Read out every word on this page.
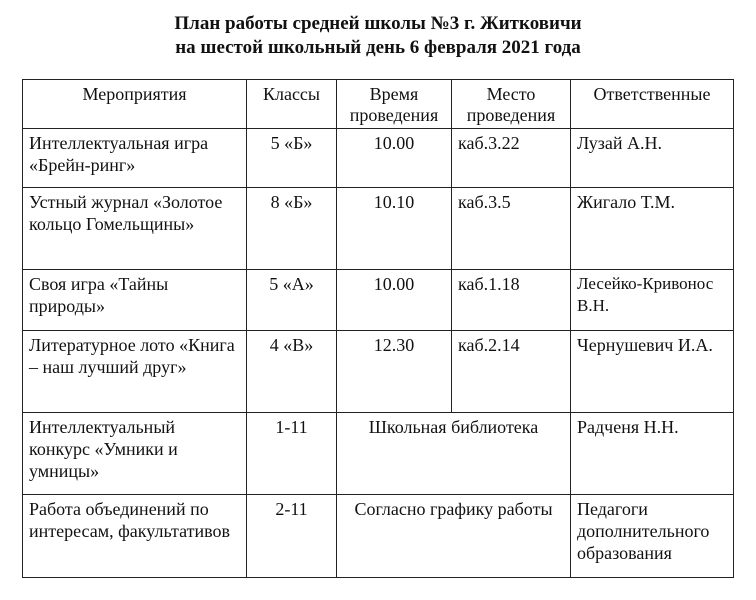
План работы средней школы №3 г. Житковичи
на шестой школьный день 6 февраля 2021 года
Мероприятия	Классы	Время проведения	Место проведения	Ответственные
Интеллектуальная игра «Брейн-ринг»	5 «Б»	10.00	каб.3.22	Лузай А.Н.
Устный журнал «Золотое кольцо Гомельщины»	8 «Б»	10.10	каб.3.5	Жигало Т.М.
Своя игра «Тайны природы»	5 «А»	10.00	каб.1.18	Лесейко-Кривонос В.Н.
Литературное лото «Книга – наш лучший друг»	4 «В»	12.30	каб.2.14	Чернушевич И.А.
Интеллектуальный конкурс «Умники и умницы»	1-11	Школьная библиотека		Радченя Н.Н.
Работа объединений по интересам, факультативов	2-11	Согласно графику работы		Педагоги дополнительного образования
